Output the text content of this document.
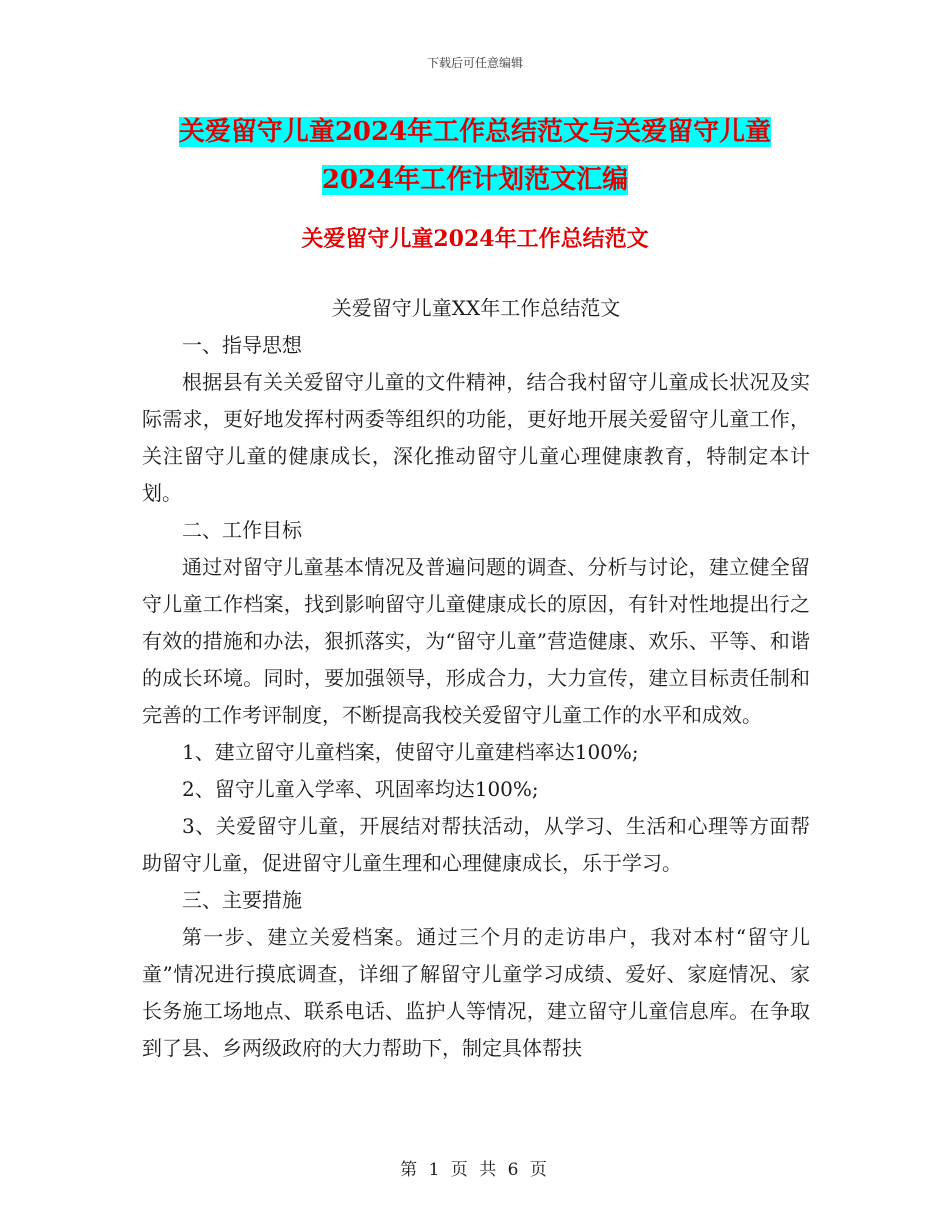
下载后可任意编辑
关爱留守儿童2024年工作总结范文与关爱留守儿童
2024年工作计划范文汇编
关爱留守儿童2024年工作总结范文

关爱留守儿童XX年工作总结范文

一、指导思想

根据县有关关爱留守儿童的文件精神，结合我村留守儿童成长状况及实际需求，更好地发挥村两委等组织的功能，更好地开展关爱留守儿童工作，关注留守儿童的健康成长，深化推动留守儿童心理健康教育，特制定本计划。

二、工作目标

通过对留守儿童基本情况及普遍问题的调查、分析与讨论，建立健全留守儿童工作档案，找到影响留守儿童健康成长的原因，有针对性地提出行之有效的措施和办法，狠抓落实，为“留守儿童”营造健康、欢乐、平等、和谐的成长环境。同时，要加强领导，形成合力，大力宣传，建立目标责任制和完善的工作考评制度，不断提高我校关爱留守儿童工作的水平和成效。

1、建立留守儿童档案，使留守儿童建档率达100%;

2、留守儿童入学率、巩固率均达100%;

3、关爱留守儿童，开展结对帮扶活动，从学习、生活和心理等方面帮助留守儿童，促进留守儿童生理和心理健康成长，乐于学习。

三、主要措施

第一步、建立关爱档案。通过三个月的走访串户，我对本村“留守儿童”情况进行摸底调查，详细了解留守儿童学习成绩、爱好、家庭情况、家长务施工场地点、联系电话、监护人等情况，建立留守儿童信息库。在争取到了县、乡两级政府的大力帮助下，制定具体帮扶

第 1 页 共 6 页
